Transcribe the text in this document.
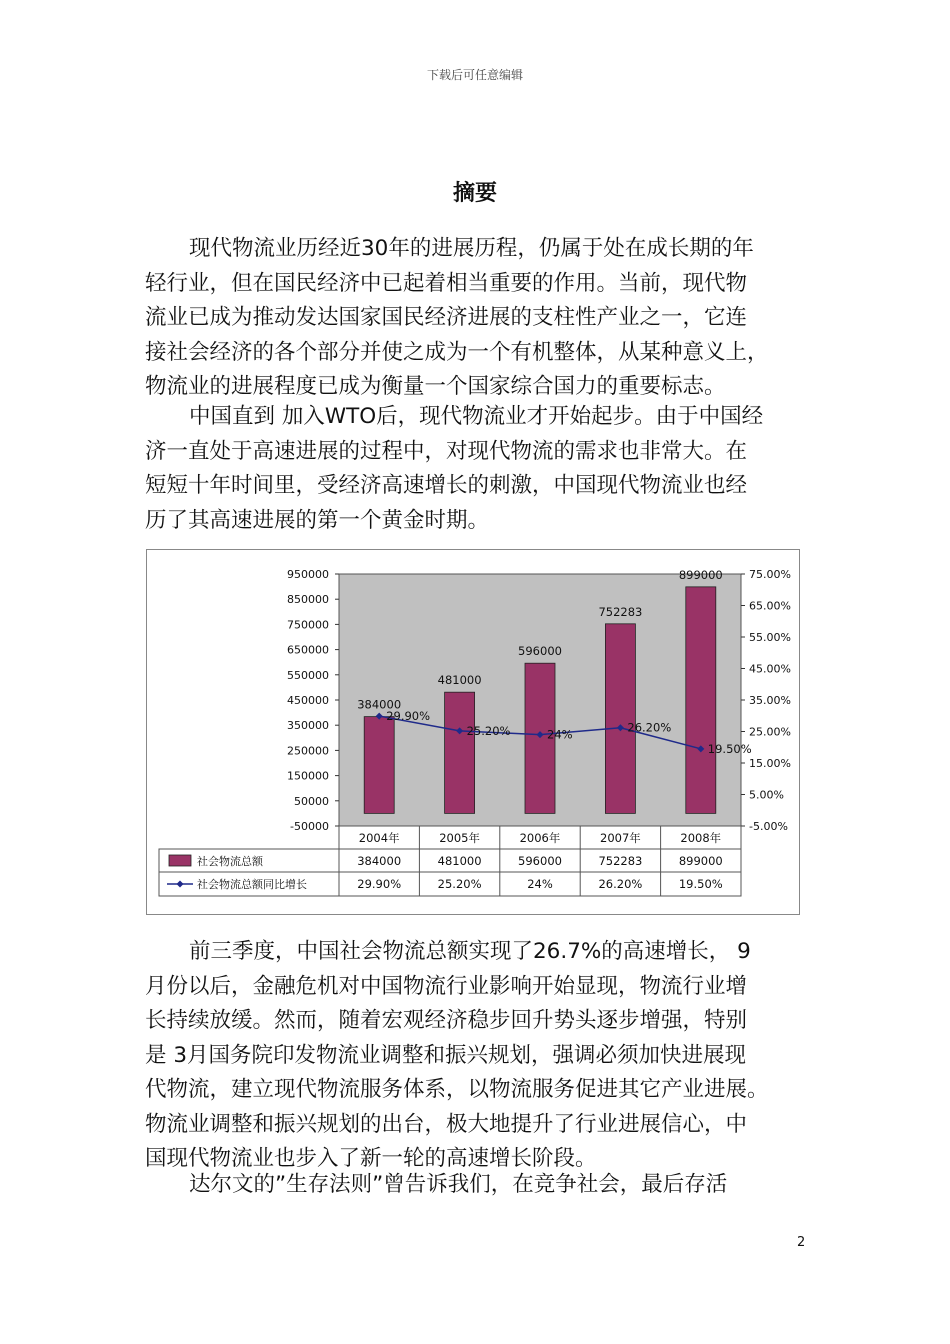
下载后可任意编辑
摘要
现代物流业历经近30年的进展历程，仍属于处在成长期的年
轻行业，但在国民经济中已起着相当重要的作用。当前，现代物
流业已成为推动发达国家国民经济进展的支柱性产业之一，它连
接社会经济的各个部分并使之成为一个有机整体，从某种意义上，
物流业的进展程度已成为衡量一个国家综合国力的重要标志。
中国直到 加入WTO后，现代物流业才开始起步。由于中国经
济一直处于高速进展的过程中，对现代物流的需求也非常大。在
短短十年时间里，受经济高速增长的刺激，中国现代物流业也经
历了其高速进展的第一个黄金时期。
950000
850000
750000
650000
550000
450000
350000
250000
150000
50000
-50000
75.00%
65.00%
55.00%
45.00%
35.00%
25.00%
15.00%
5.00%
-5.00%
384000
481000
596000
752283
899000
29.90%
25.20%	24%	26.20%
19.50%
2004年
384000
29.90%
2005年
481000
25.20%
2006年
596000
24%
2007年
752283
26.20%
2008年
899000
19.50%
社会物流总额
社会物流总额同比增长
前三季度，中国社会物流总额实现了26.7%的高速增长， 9
月份以后，金融危机对中国物流行业影响开始显现，物流行业增
长持续放缓。然而，随着宏观经济稳步回升势头逐步增强，特别
是 3月国务院印发物流业调整和振兴规划，强调必须加快进展现
代物流，建立现代物流服务体系，以物流服务促进其它产业进展。
物流业调整和振兴规划的出台，极大地提升了行业进展信心，中
国现代物流业也步入了新一轮的高速增长阶段。
达尔文的”生存法则”曾告诉我们，在竞争社会，最后存活
2
